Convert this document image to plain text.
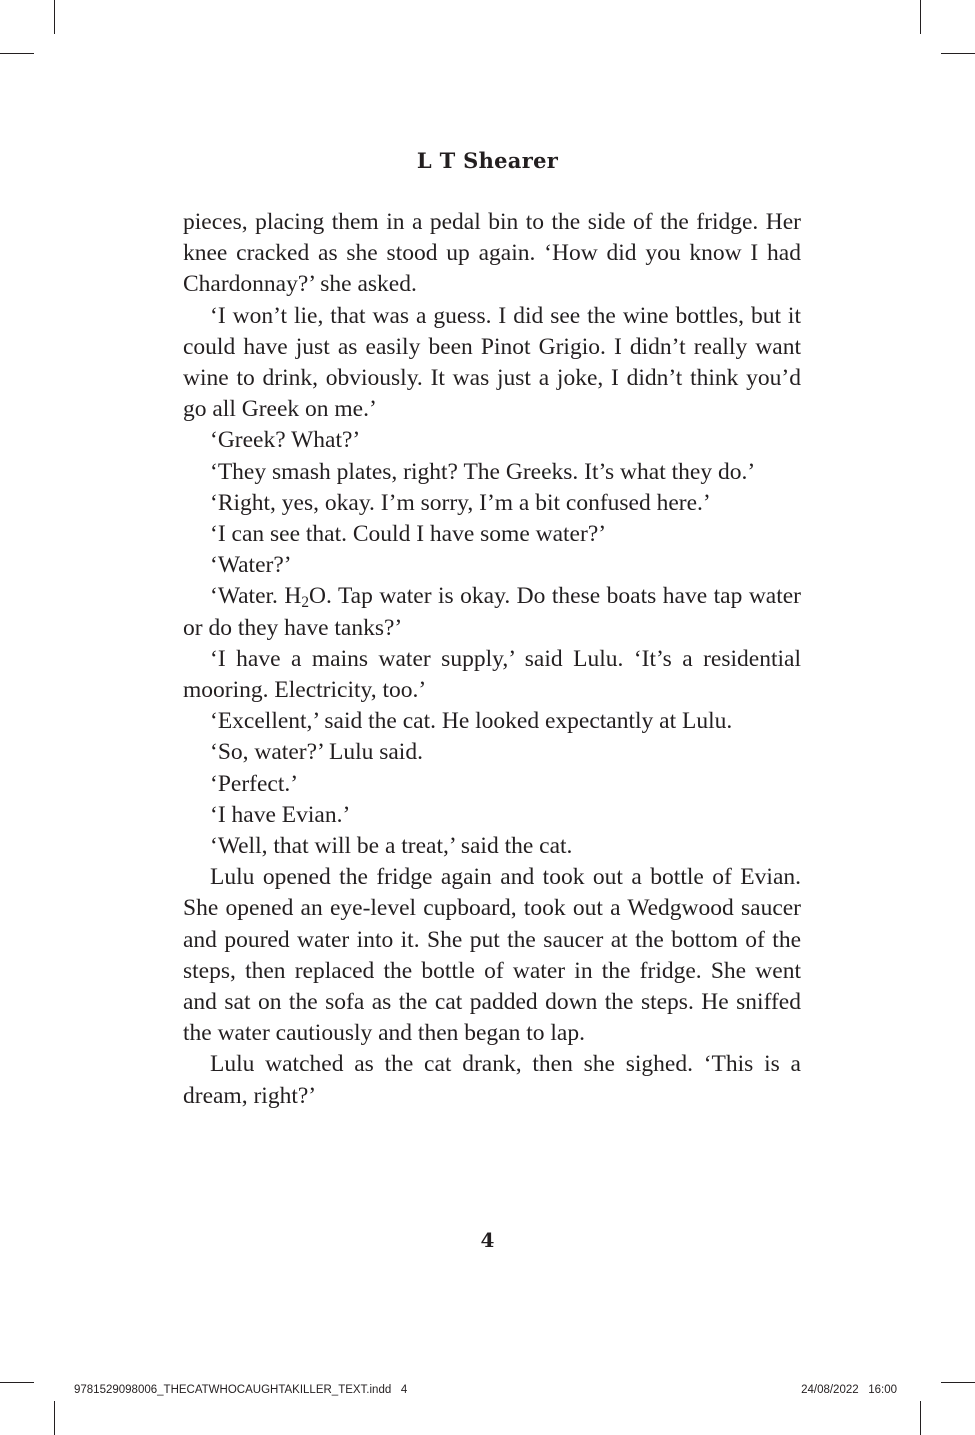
L T Shearer

pieces, placing them in a pedal bin to the side of the fridge. Her knee cracked as she stood up again. ‘How did you know I had Chardonnay?’ she asked.

‘I won’t lie, that was a guess. I did see the wine bottles, but it could have just as easily been Pinot Grigio. I didn’t really want wine to drink, obviously. It was just a joke, I didn’t think you’d go all Greek on me.’

‘Greek? What?’

‘They smash plates, right? The Greeks. It’s what they do.’

‘Right, yes, okay. I’m sorry, I’m a bit confused here.’

‘I can see that. Could I have some water?’

‘Water?’

‘Water. $H_2O$. Tap water is okay. Do these boats have tap water or do they have tanks?’

‘I have a mains water supply,’ said Lulu. ‘It’s a residential mooring. Electricity, too.’

‘Excellent,’ said the cat. He looked expectantly at Lulu.

‘So, water?’ Lulu said.

‘Perfect.’

‘I have Evian.’

‘Well, that will be a treat,’ said the cat.

Lulu opened the fridge again and took out a bottle of Evian. She opened an eye-level cupboard, took out a Wedgwood saucer and poured water into it. She put the saucer at the bottom of the steps, then replaced the bottle of water in the fridge. She went and sat on the sofa as the cat padded down the steps. He sniffed the water cautiously and then began to lap.

Lulu watched as the cat drank, then she sighed. ‘This is a dream, right?’

4
9781529098006_THECATWHOCAUGHTAKILLER_TEXT.indd   4	24/08/2022   16:00
